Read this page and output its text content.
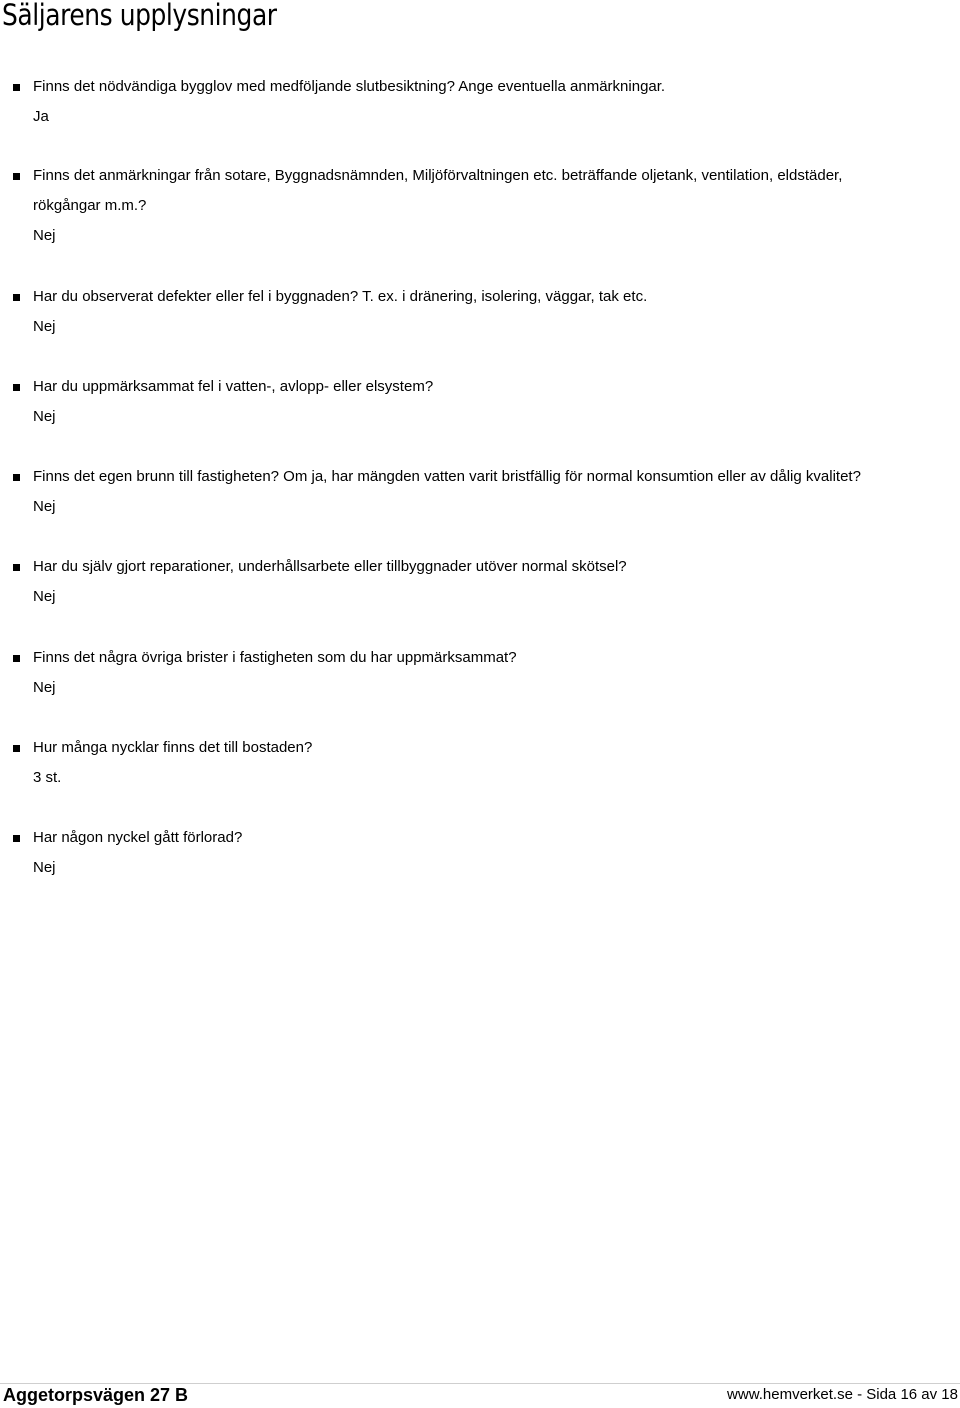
Säljarens upplysningar
Finns det nödvändiga bygglov med medföljande slutbesiktning? Ange eventuella anmärkningar.
Ja
Finns det anmärkningar från sotare, Byggnadsnämnden, Miljöförvaltningen etc. beträffande oljetank, ventilation, eldstäder,
rökgångar m.m.?
Nej
Har du observerat defekter eller fel i byggnaden? T. ex. i dränering, isolering, väggar, tak etc.
Nej
Har du uppmärksammat fel i vatten-, avlopp- eller elsystem?
Nej
Finns det egen brunn till fastigheten? Om ja, har mängden vatten varit bristfällig för normal konsumtion eller av dålig kvalitet?
Nej
Har du själv gjort reparationer, underhållsarbete eller tillbyggnader utöver normal skötsel?
Nej
Finns det några övriga brister i fastigheten som du har uppmärksammat?
Nej
Hur många nycklar finns det till bostaden?
3 st.
Har någon nyckel gått förlorad?
Nej
Aggetorpsvägen 27 B	www.hemverket.se - Sida 16 av 18
